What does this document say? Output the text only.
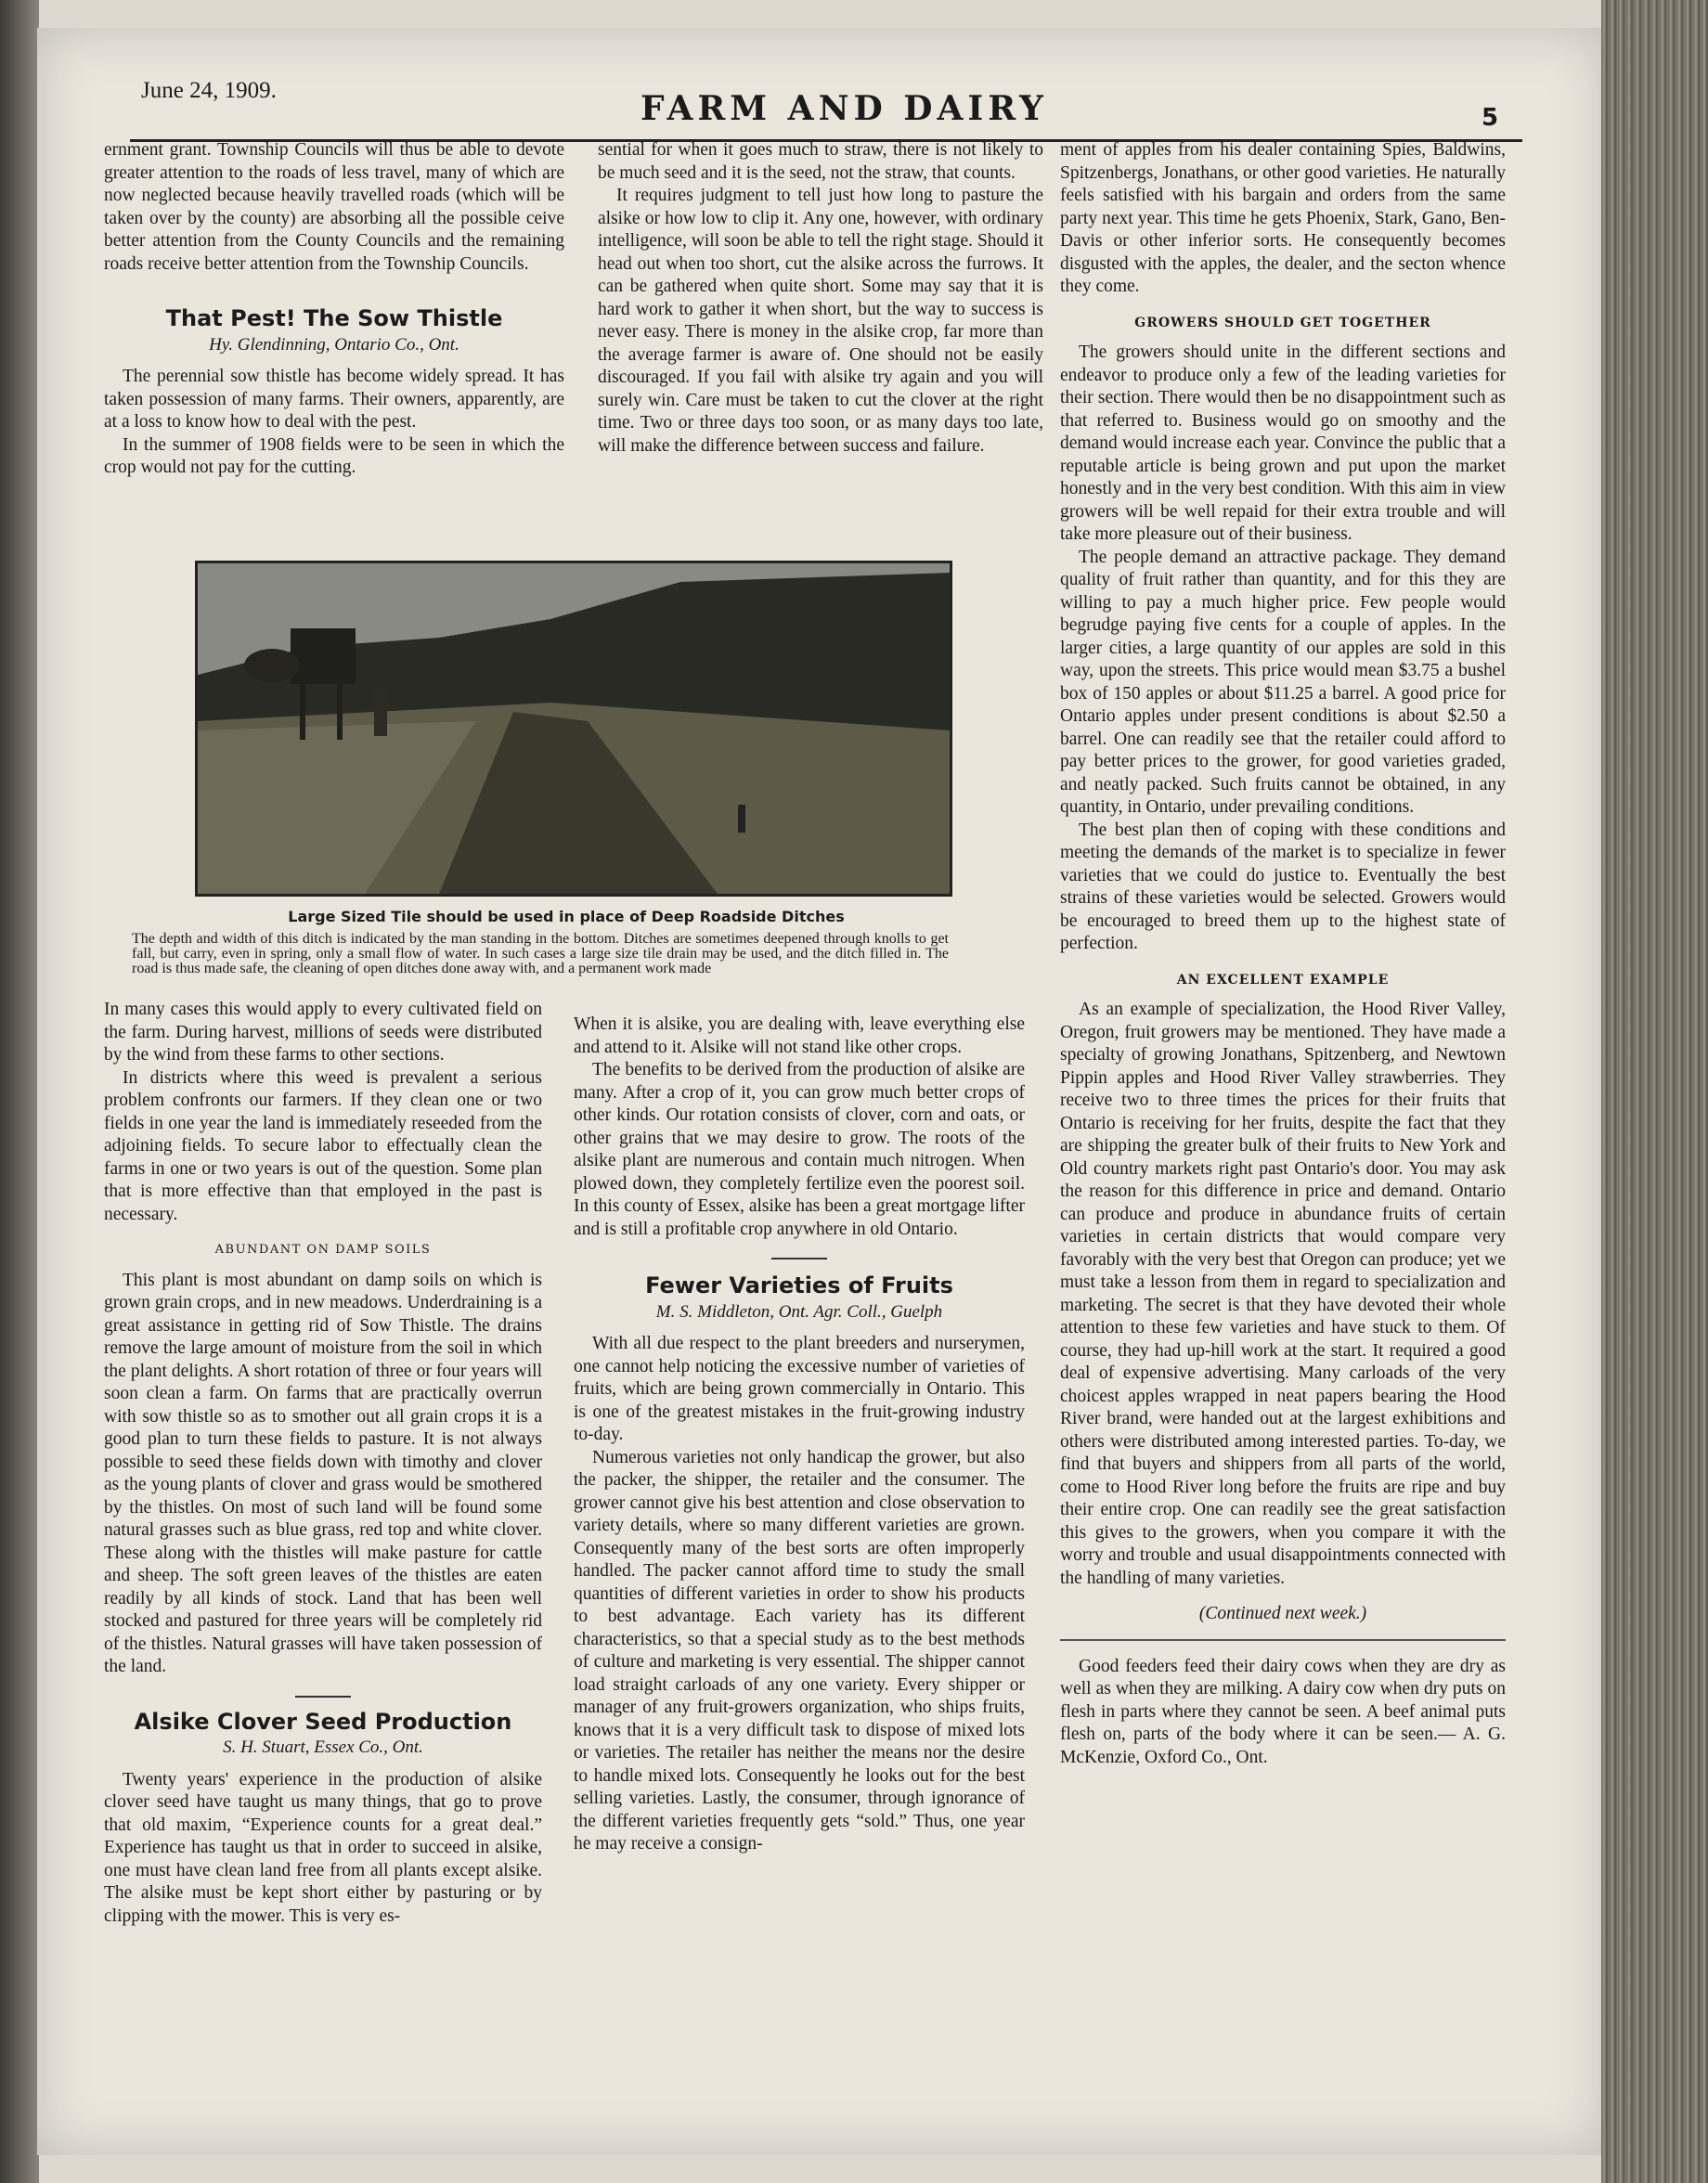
June 24, 1909.	FARM AND DAIRY	5

ernment grant. Township Councils will thus be able to devote greater attention to the roads of less travel, many of which are now neglected because heavily travelled roads (which will be taken over by the county) are absorbing all the possible ceive better attention from the County Councils and the remaining roads receive better attention from the Township Councils.

That Pest! The Sow Thistle
Hy. Glendinning, Ontario Co., Ont.

The perennial sow thistle has become widely spread. It has taken possession of many farms. Their owners, apparently, are at a loss to know how to deal with the pest.

In the summer of 1908 fields were to be seen in which the crop would not pay for the cutting.

sential for when it goes much to straw, there is not likely to be much seed and it is the seed, not the straw, that counts.

It requires judgment to tell just how long to pasture the alsike or how low to clip it. Any one, however, with ordinary intelligence, will soon be able to tell the right stage. Should it head out when too short, cut the alsike across the furrows. It can be gathered when quite short. Some may say that it is hard work to gather it when short, but the way to success is never easy. There is money in the alsike crop, far more than the average farmer is aware of. One should not be easily discouraged. If you fail with alsike try again and you will surely win. Care must be taken to cut the clover at the right time. Two or three days too soon, or as many days too late, will make the difference between success and failure.

Large Sized Tile should be used in place of Deep Roadside Ditches
The depth and width of this ditch is indicated by the man standing in the bottom. Ditches are sometimes deepened through knolls to get fall, but carry, even in spring, only a small flow of water. In such cases a large size tile drain may be used, and the ditch filled in. The road is thus made safe, the cleaning of open ditches done away with, and a permanent work made

In many cases this would apply to every cultivated field on the farm. During harvest, millions of seeds were distributed by the wind from these farms to other sections.

In districts where this weed is prevalent a serious problem confronts our farmers. If they clean one or two fields in one year the land is immediately reseeded from the adjoining fields. To secure labor to effectually clean the farms in one or two years is out of the question. Some plan that is more effective than that employed in the past is necessary.

ABUNDANT ON DAMP SOILS

This plant is most abundant on damp soils on which is grown grain crops, and in new meadows. Underdraining is a great assistance in getting rid of Sow Thistle. The drains remove the large amount of moisture from the soil in which the plant delights. A short rotation of three or four years will soon clean a farm. On farms that are practically overrun with sow thistle so as to smother out all grain crops it is a good plan to turn these fields to pasture. It is not always possible to seed these fields down with timothy and clover as the young plants of clover and grass would be smothered by the thistles. On most of such land will be found some natural grasses such as blue grass, red top and white clover. These along with the thistles will make pasture for cattle and sheep. The soft green leaves of the thistles are eaten readily by all kinds of stock. Land that has been well stocked and pastured for three years will be completely rid of the thistles. Natural grasses will have taken possession of the land.

Alsike Clover Seed Production
S. H. Stuart, Essex Co., Ont.

Twenty years' experience in the production of alsike clover seed have taught us many things, that go to prove that old maxim, “Experience counts for a great deal.” Experience has taught us that in order to succeed in alsike, one must have clean land free from all plants except alsike. The alsike must be kept short either by pasturing or by clipping with the mower. This is very es-

When it is alsike, you are dealing with, leave everything else and attend to it. Alsike will not stand like other crops.

The benefits to be derived from the production of alsike are many. After a crop of it, you can grow much better crops of other kinds. Our rotation consists of clover, corn and oats, or other grains that we may desire to grow. The roots of the alsike plant are numerous and contain much nitrogen. When plowed down, they completely fertilize even the poorest soil. In this county of Essex, alsike has been a great mortgage lifter and is still a profitable crop anywhere in old Ontario.

Fewer Varieties of Fruits
M. S. Middleton, Ont. Agr. Coll., Guelph

With all due respect to the plant breeders and nurserymen, one cannot help noticing the excessive number of varieties of fruits, which are being grown commercially in Ontario. This is one of the greatest mistakes in the fruit-growing industry to-day.

Numerous varieties not only handicap the grower, but also the packer, the shipper, the retailer and the consumer. The grower cannot give his best attention and close observation to variety details, where so many different varieties are grown. Consequently many of the best sorts are often improperly handled. The packer cannot afford time to study the small quantities of different varieties in order to show his products to best advantage. Each variety has its different characteristics, so that a special study as to the best methods of culture and marketing is very essential. The shipper cannot load straight carloads of any one variety. Every shipper or manager of any fruit-growers organization, who ships fruits, knows that it is a very difficult task to dispose of mixed lots or varieties. The retailer has neither the means nor the desire to handle mixed lots. Consequently he looks out for the best selling varieties. Lastly, the consumer, through ignorance of the different varieties frequently gets “sold.” Thus, one year he may receive a consign-

ment of apples from his dealer containing Spies, Baldwins, Spitzenbergs, Jonathans, or other good varieties. He naturally feels satisfied with his bargain and orders from the same party next year. This time he gets Phoenix, Stark, Gano, Ben-Davis or other inferior sorts. He consequently becomes disgusted with the apples, the dealer, and the secton whence they come.

GROWERS SHOULD GET TOGETHER

The growers should unite in the different sections and endeavor to produce only a few of the leading varieties for their section. There would then be no disappointment such as that referred to. Business would go on smoothy and the demand would increase each year. Convince the public that a reputable article is being grown and put upon the market honestly and in the very best condition. With this aim in view growers will be well repaid for their extra trouble and will take more pleasure out of their business.

The people demand an attractive package. They demand quality of fruit rather than quantity, and for this they are willing to pay a much higher price. Few people would begrudge paying five cents for a couple of apples. In the larger cities, a large quantity of our apples are sold in this way, upon the streets. This price would mean $3.75 a bushel box of 150 apples or about $11.25 a barrel. A good price for Ontario apples under present conditions is about $2.50 a barrel. One can readily see that the retailer could afford to pay better prices to the grower, for good varieties graded, and neatly packed. Such fruits cannot be obtained, in any quantity, in Ontario, under prevailing conditions.

The best plan then of coping with these conditions and meeting the demands of the market is to specialize in fewer varieties that we could do justice to. Eventually the best strains of these varieties would be selected. Growers would be encouraged to breed them up to the highest state of perfection.

AN EXCELLENT EXAMPLE

As an example of specialization, the Hood River Valley, Oregon, fruit growers may be mentioned. They have made a specialty of growing Jonathans, Spitzenberg, and Newtown Pippin apples and Hood River Valley strawberries. They receive two to three times the prices for their fruits that Ontario is receiving for her fruits, despite the fact that they are shipping the greater bulk of their fruits to New York and Old country markets right past Ontario's door. You may ask the reason for this difference in price and demand. Ontario can produce and produce in abundance fruits of certain varieties in certain districts that would compare very favorably with the very best that Oregon can produce; yet we must take a lesson from them in regard to specialization and marketing. The secret is that they have devoted their whole attention to these few varieties and have stuck to them. Of course, they had up-hill work at the start. It required a good deal of expensive advertising. Many carloads of the very choicest apples wrapped in neat papers bearing the Hood River brand, were handed out at the largest exhibitions and others were distributed among interested parties. To-day, we find that buyers and shippers from all parts of the world, come to Hood River long before the fruits are ripe and buy their entire crop. One can readily see the great satisfaction this gives to the growers, when you compare it with the worry and trouble and usual disappointments connected with the handling of many varieties.

(Continued next week.)

Good feeders feed their dairy cows when they are dry as well as when they are milking. A dairy cow when dry puts on flesh in parts where they cannot be seen. A beef animal puts flesh on, parts of the body where it can be seen.— A. G. McKenzie, Oxford Co., Ont.
